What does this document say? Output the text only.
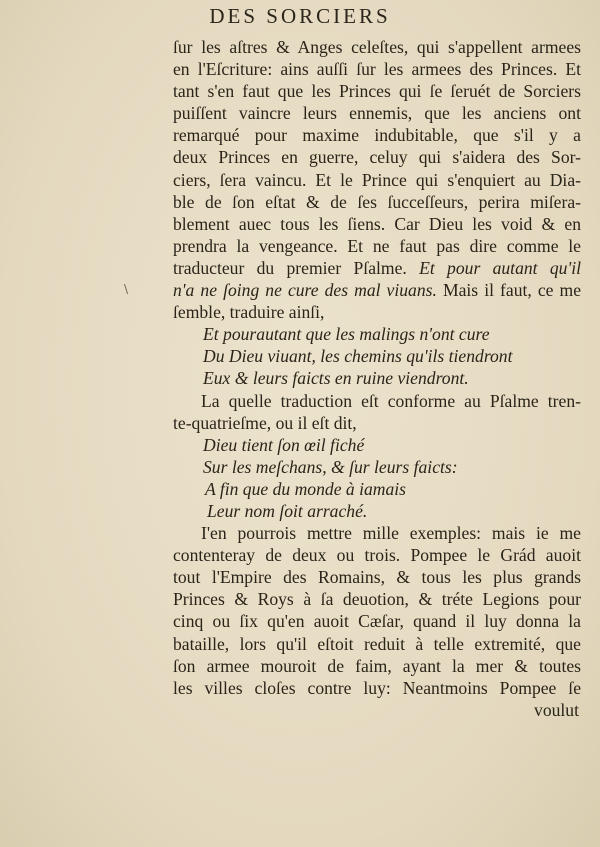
DES SORCIERS
\
ſur les aſtres & Anges celeſtes, qui s'appellent armees
en l'Eſcriture: ains auſſi ſur les armees des Princes. Et
tant s'en faut que les Princes qui ſe ſeruét de Sorciers
puiſſent vaincre leurs ennemis, que les anciens ont
remarqué pour maxime indubitable, que s'il y a
deux Princes en guerre, celuy qui s'aidera des Sor-
ciers, ſera vaincu. Et le Prince qui s'enquiert au Dia-
ble de ſon eſtat & de ſes ſucceſſeurs, perira miſera-
blement auec tous les ſiens. Car Dieu les void & en
prendra la vengeance. Et ne faut pas dire comme le
traducteur du premier Pſalme. Et pour autant qu'il
n'a ne ſoing ne cure des mal viuans. Mais il faut, ce me
ſemble, traduire ainſi,
Et pourautant que les malings n'ont cure
Du Dieu viuant, les chemins qu'ils tiendront
Eux & leurs faicts en ruine viendront.
La quelle traduction eſt conforme au Pſalme tren-
te-quatrieſme, ou il eſt dit,
Dieu tient ſon œil fiché
Sur les meſchans, & ſur leurs faicts:
A fin que du monde à iamais
Leur nom ſoit arraché.
I'en pourrois mettre mille exemples: mais ie me
contenteray de deux ou trois. Pompee le Grád auoit
tout l'Empire des Romains, & tous les plus grands
Princes & Roys à ſa deuotion, & tréte Legions pour
cinq ou ſix qu'en auoit Cæſar, quand il luy donna la
bataille, lors qu'il eſtoit reduit à telle extremité, que
ſon armee mouroit de faim, ayant la mer & toutes
les villes cloſes contre luy: Neantmoins Pompee ſe
voulut
